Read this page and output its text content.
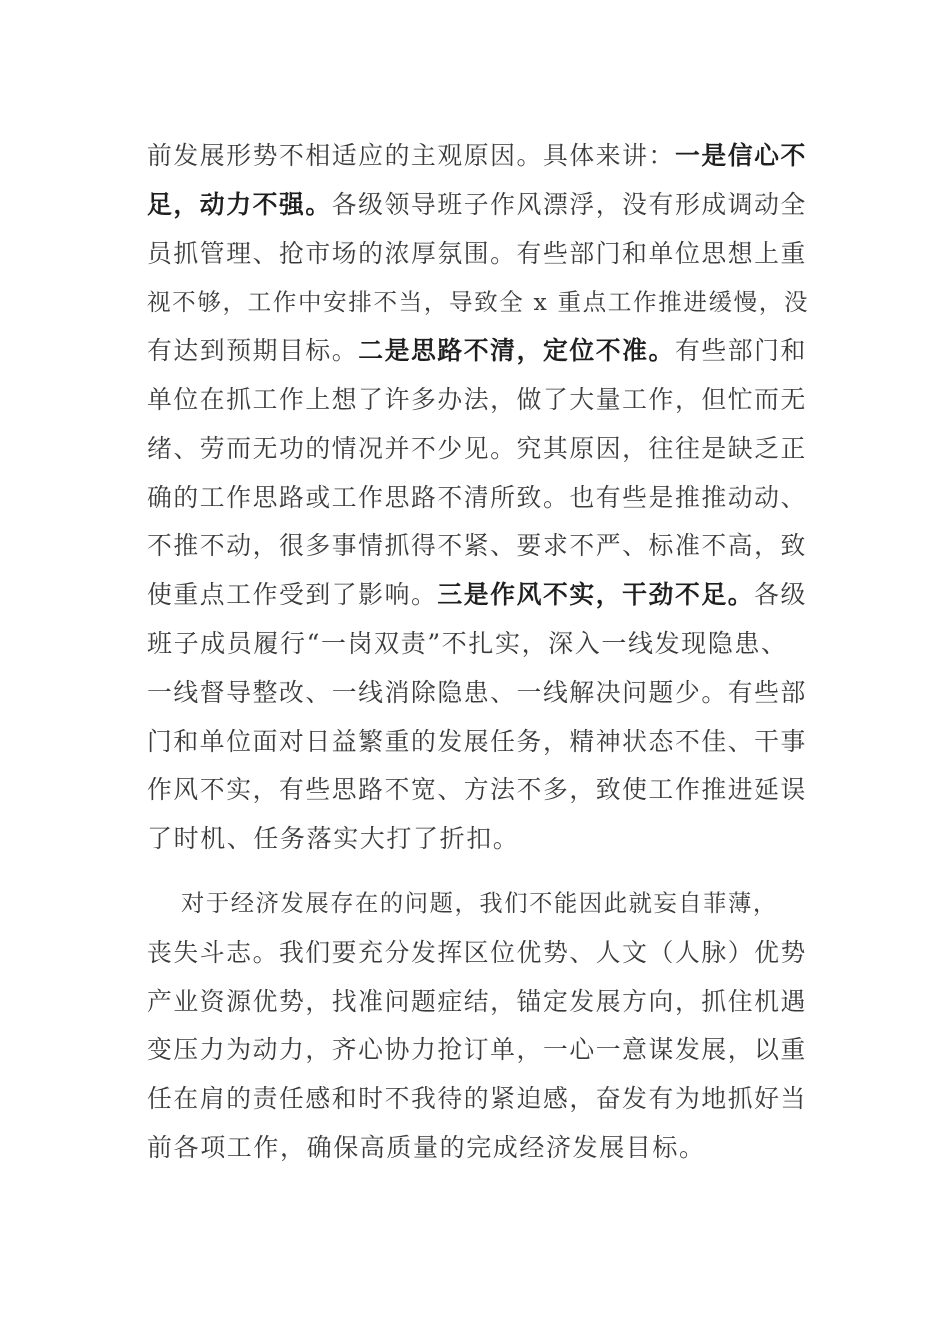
前发展形势不相适应的主观原因。具体来讲：一是信心不
足，动力不强。各级领导班子作风漂浮，没有形成调动全
员抓管理、抢市场的浓厚氛围。有些部门和单位思想上重
视不够，工作中安排不当，导致全 x 重点工作推进缓慢，没
有达到预期目标。二是思路不清，定位不准。有些部门和
单位在抓工作上想了许多办法，做了大量工作，但忙而无
绪、劳而无功的情况并不少见。究其原因，往往是缺乏正
确的工作思路或工作思路不清所致。也有些是推推动动、
不推不动，很多事情抓得不紧、要求不严、标准不高，致
使重点工作受到了影响。三是作风不实，干劲不足。各级
班子成员履行“一岗双责”不扎实，深入一线发现隐患、
一线督导整改、一线消除隐患、一线解决问题少。有些部
门和单位面对日益繁重的发展任务，精神状态不佳、干事
作风不实，有些思路不宽、方法不多，致使工作推进延误
了时机、任务落实大打了折扣。
对于经济发展存在的问题，我们不能因此就妄自菲薄，
丧失斗志。我们要充分发挥区位优势、人文（人脉）优势
产业资源优势，找准问题症结，锚定发展方向，抓住机遇
变压力为动力，齐心协力抢订单，一心一意谋发展，以重
任在肩的责任感和时不我待的紧迫感，奋发有为地抓好当
前各项工作，确保高质量的完成经济发展目标。
